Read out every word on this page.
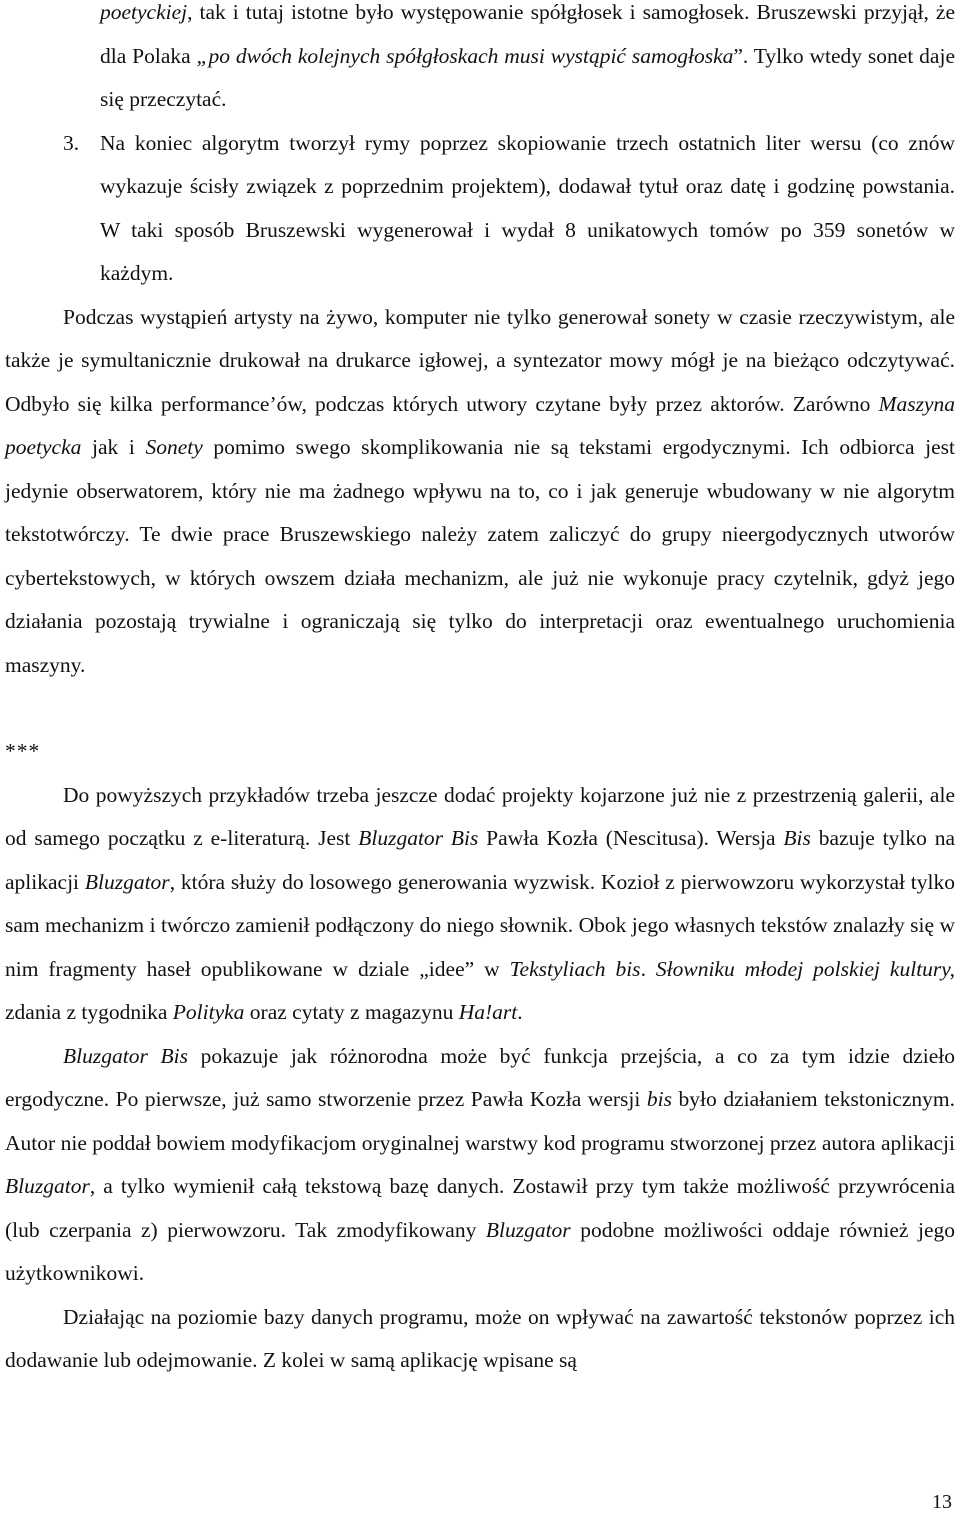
poetyckiej, tak i tutaj istotne było występowanie spółgłosek i samogłosek. Bruszewski przyjął, że dla Polaka „po dwóch kolejnych spółgłoskach musi wystąpić samogłoska”. Tylko wtedy sonet daje się przeczytać.

3. Na koniec algorytm tworzył rymy poprzez skopiowanie trzech ostatnich liter wersu (co znów wykazuje ścisły związek z poprzednim projektem), dodawał tytuł oraz datę i godzinę powstania. W taki sposób Bruszewski wygenerował i wydał 8 unikatowych tomów po 359 sonetów w każdym.

Podczas wystąpień artysty na żywo, komputer nie tylko generował sonety w czasie rzeczywistym, ale także je symultanicznie drukował na drukarce igłowej, a syntezator mowy mógł je na bieżąco odczytywać. Odbyło się kilka performance’ów, podczas których utwory czytane były przez aktorów. Zarówno Maszyna poetycka jak i Sonety pomimo swego skomplikowania nie są tekstami ergodycznymi. Ich odbiorca jest jedynie obserwatorem, który nie ma żadnego wpływu na to, co i jak generuje wbudowany w nie algorytm tekstotwórczy. Te dwie prace Bruszewskiego należy zatem zaliczyć do grupy nieergodycznych utworów cybertekstowych, w których owszem działa mechanizm, ale już nie wykonuje pracy czytelnik, gdyż jego działania pozostają trywialne i ograniczają się tylko do interpretacji oraz ewentualnego uruchomienia maszyny.

***

Do powyższych przykładów trzeba jeszcze dodać projekty kojarzone już nie z przestrzenią galerii, ale od samego początku z e-literaturą. Jest Bluzgator Bis Pawła Kozła (Nescitusa). Wersja Bis bazuje tylko na aplikacji Bluzgator, która służy do losowego generowania wyzwisk. Kozioł z pierwowzoru wykorzystał tylko sam mechanizm i twórczo zamienił podłączony do niego słownik. Obok jego własnych tekstów znalazły się w nim fragmenty haseł opublikowane w dziale „idee” w Tekstyliach bis. Słowniku młodej polskiej kultury, zdania z tygodnika Polityka oraz cytaty z magazynu Ha!art.

Bluzgator Bis pokazuje jak różnorodna może być funkcja przejścia, a co za tym idzie dzieło ergodyczne. Po pierwsze, już samo stworzenie przez Pawła Kozła wersji bis było działaniem tekstonicznym. Autor nie poddał bowiem modyfikacjom oryginalnej warstwy kod programu stworzonej przez autora aplikacji Bluzgator, a tylko wymienił całą tekstową bazę danych. Zostawił przy tym także możliwość przywrócenia (lub czerpania z) pierwowzoru. Tak zmodyfikowany Bluzgator podobne możliwości oddaje również jego użytkownikowi.

Działając na poziomie bazy danych programu, może on wpływać na zawartość tekstonów poprzez ich dodawanie lub odejmowanie. Z kolei w samą aplikację wpisane są

13
